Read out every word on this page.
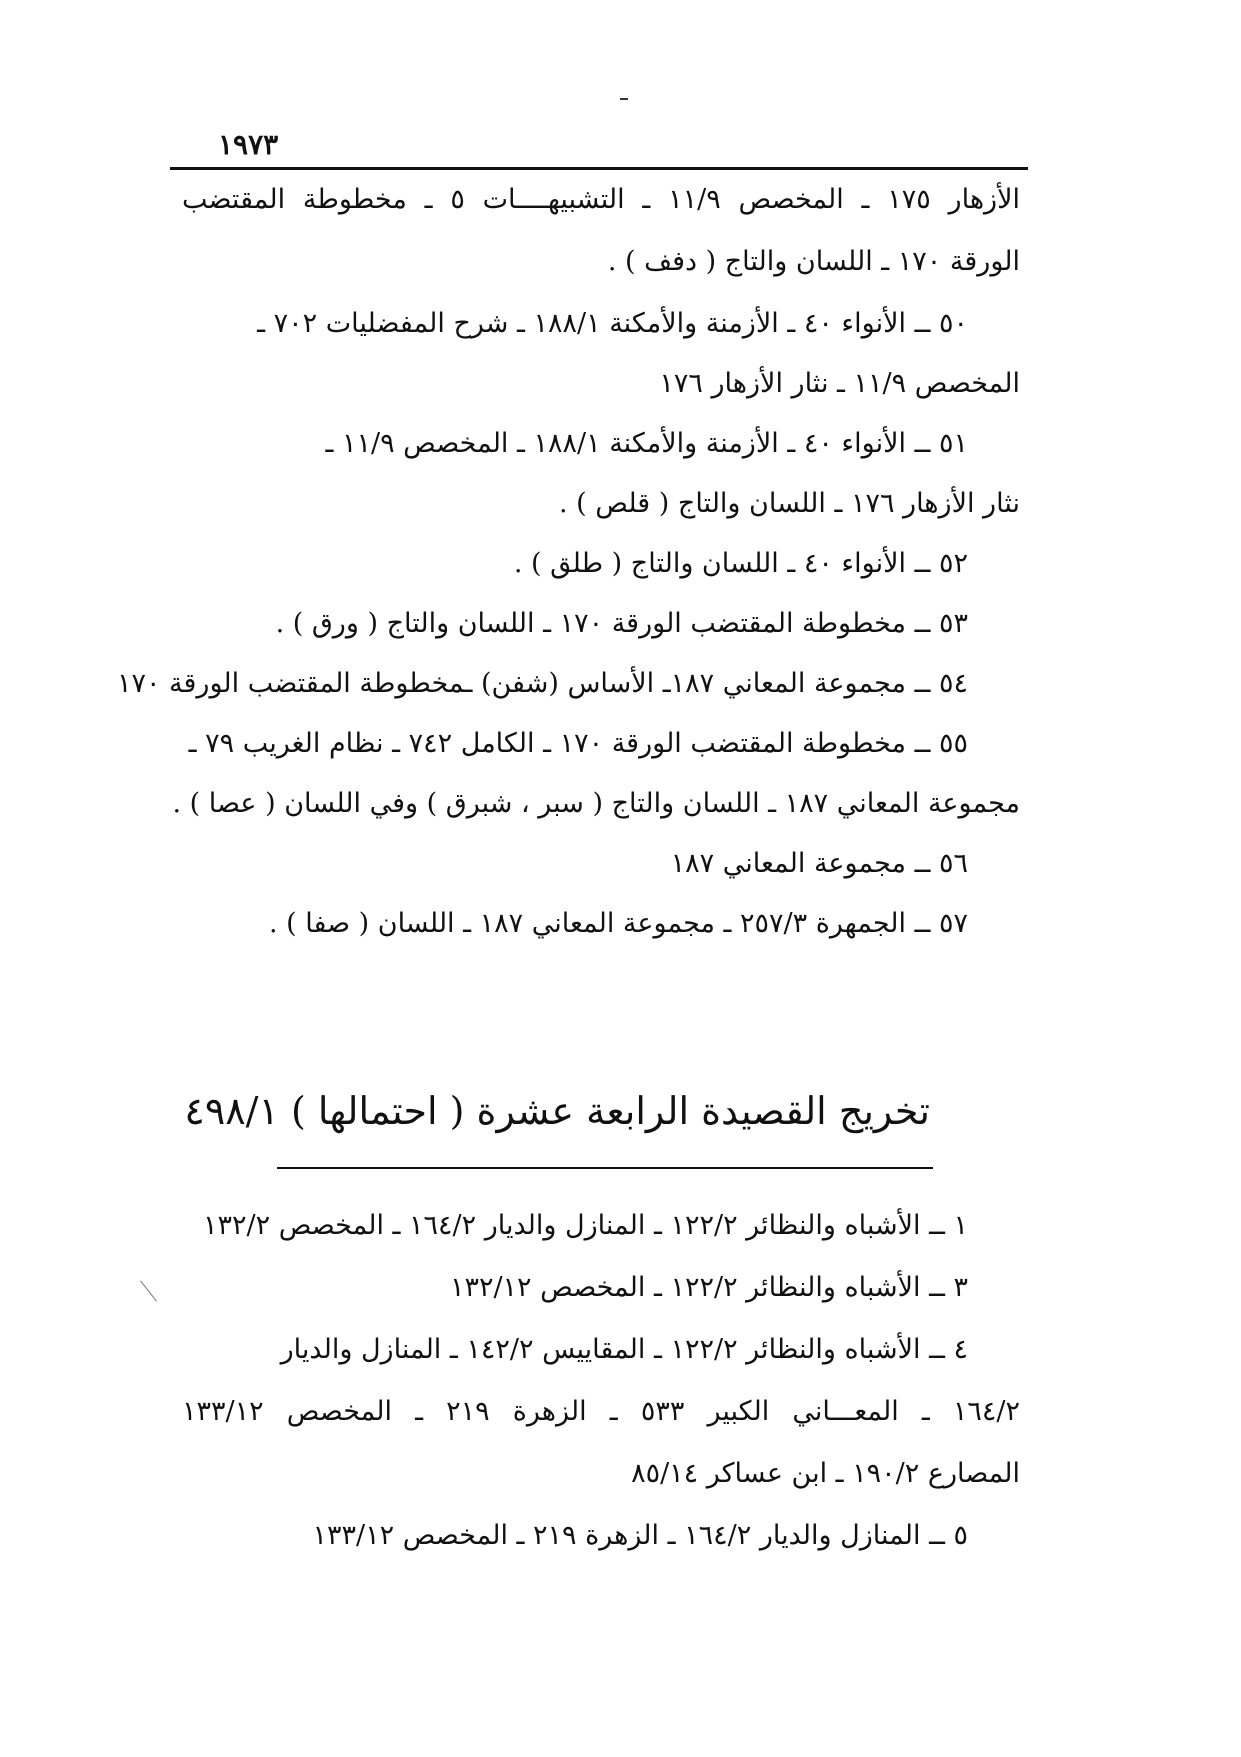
١٩٧٣
الأزهار ١٧٥ ـ المخصص ١١/٩ ـ التشبيهــــات ٥ ـ مخطوطة المقتضب
الورقة ١٧٠ ـ اللسان والتاج ( دفف ) .
٥٠ ــ الأنواء ٤٠ ـ الأزمنة والأمكنة ١٨٨/١ ـ شرح المفضليات ٧٠٢ ـ
المخصص ١١/٩ ـ نثار الأزهار ١٧٦
٥١ ــ الأنواء ٤٠ ـ الأزمنة والأمكنة ١٨٨/١ ـ المخصص ١١/٩ ـ
نثار الأزهار ١٧٦ ـ اللسان والتاج ( قلص ) .
٥٢ ــ الأنواء ٤٠ ـ اللسان والتاج ( طلق ) .
٥٣ ــ مخطوطة المقتضب الورقة ١٧٠ ـ اللسان والتاج ( ورق ) .
٥٤ ــ مجموعة المعاني ١٨٧ـ الأساس (شفن) ـمخطوطة المقتضب الورقة ١٧٠
٥٥ ــ مخطوطة المقتضب الورقة ١٧٠ ـ الكامل ٧٤٢ ـ نظام الغريب ٧٩ ـ
مجموعة المعاني ١٨٧ ـ اللسان والتاج ( سبر ، شبرق ) وفي اللسان ( عصا ) .
٥٦ ــ مجموعة المعاني ١٨٧
٥٧ ــ الجمهرة ٢٥٧/٣ ـ مجموعة المعاني ١٨٧ ـ اللسان ( صفا ) .
تخريج القصيدة الرابعة عشرة ( احتمالها ) ٤٩٨/١
١ ــ الأشباه والنظائر ١٢٢/٢ ـ المنازل والديار ١٦٤/٢ ـ المخصص ١٣٢/٢
٣ ــ الأشباه والنظائر ١٢٢/٢ ـ المخصص ١٣٢/١٢
٤ ــ الأشباه والنظائر ١٢٢/٢ ـ المقاييس ١٤٢/٢ ـ المنازل والديار
١٦٤/٢ ـ المعـــاني الكبير ٥٣٣ ـ الزهرة ٢١٩ ـ المخصص ١٣٣/١٢
المصارع ١٩٠/٢ ـ ابن عساكر ٨٥/١٤
٥ ــ المنازل والديار ١٦٤/٢ ـ الزهرة ٢١٩ ـ المخصص ١٣٣/١٢
